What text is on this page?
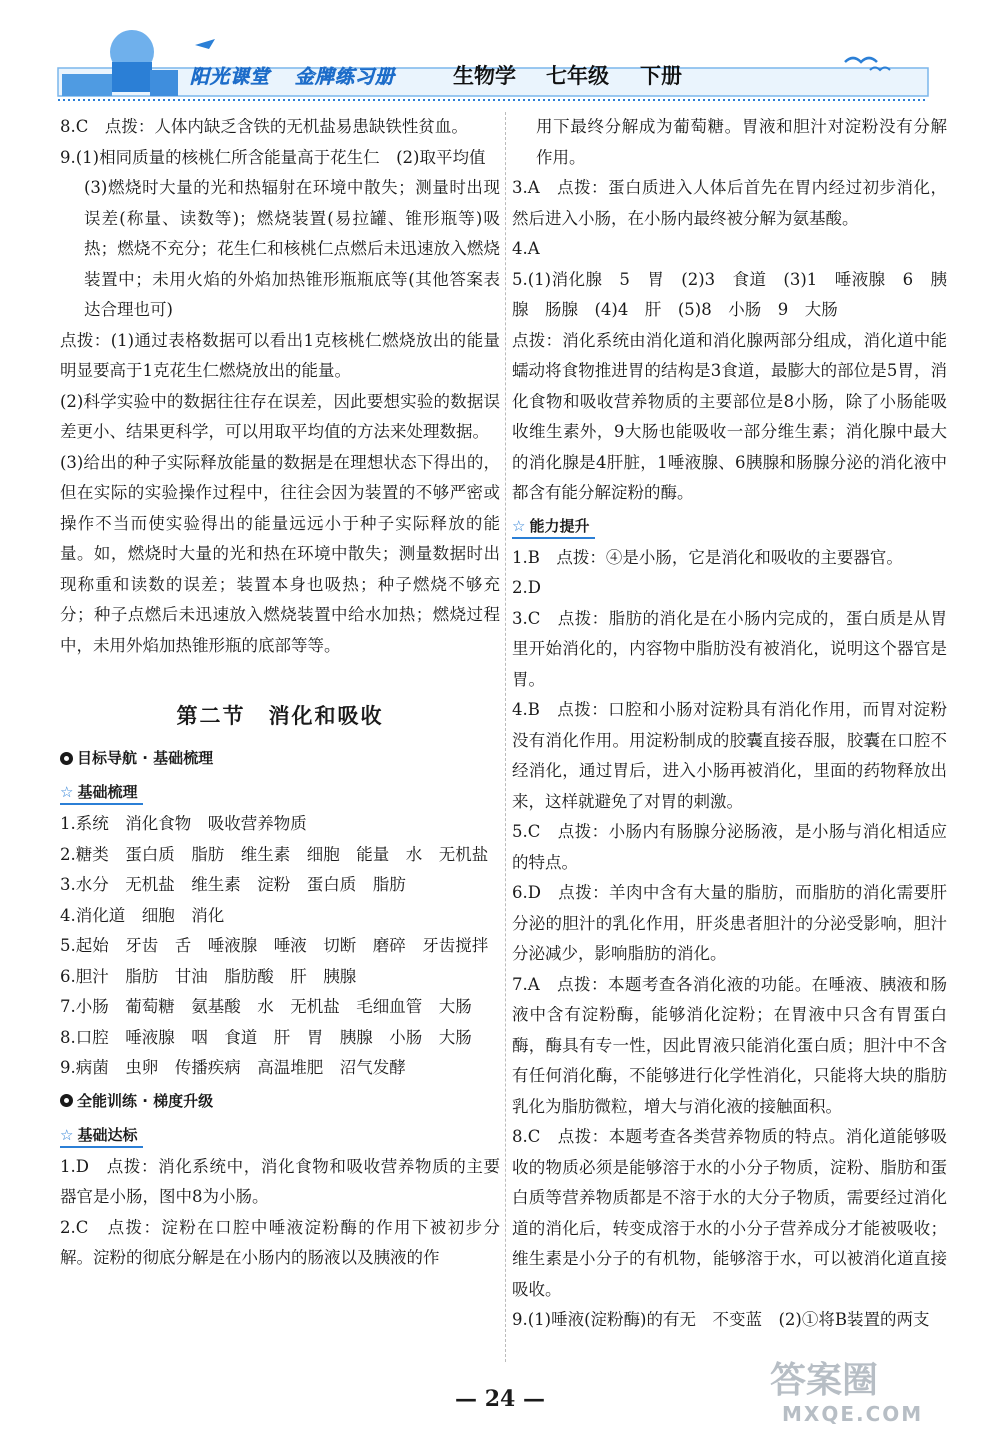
阳光课堂 金牌练习册	生物学 七年级 下册

8.C　点拨：人体内缺乏含铁的无机盐易患缺铁性贫血。

9.(1)相同质量的核桃仁所含能量高于花生仁　(2)取平均值

(3)燃烧时大量的光和热辐射在环境中散失；测量时出现误差(称量、读数等)；燃烧装置(易拉罐、锥形瓶等)吸热；燃烧不充分；花生仁和核桃仁点燃后未迅速放入燃烧装置中；未用火焰的外焰加热锥形瓶瓶底等(其他答案表达合理也可)

点拨：(1)通过表格数据可以看出1克核桃仁燃烧放出的能量明显要高于1克花生仁燃烧放出的能量。

(2)科学实验中的数据往往存在误差，因此要想实验的数据误差更小、结果更科学，可以用取平均值的方法来处理数据。

(3)给出的种子实际释放能量的数据是在理想状态下得出的，但在实际的实验操作过程中，往往会因为装置的不够严密或操作不当而使实验得出的能量远远小于种子实际释放的能量。如，燃烧时大量的光和热在环境中散失；测量数据时出现称重和读数的误差；装置本身也吸热；种子燃烧不够充分；种子点燃后未迅速放入燃烧装置中给水加热；燃烧过程中，未用外焰加热锥形瓶的底部等等。

第二节　消化和吸收
目标导航 · 基础梳理
☆ 基础梳理

1.系统　消化食物　吸收营养物质

2.糖类　蛋白质　脂肪　维生素　细胞　能量　水　无机盐

3.水分　无机盐　维生素　淀粉　蛋白质　脂肪

4.消化道　细胞　消化

5.起始　牙齿　舌　唾液腺　唾液　切断　磨碎　牙齿搅拌

6.胆汁　脂肪　甘油　脂肪酸　肝　胰腺

7.小肠　葡萄糖　氨基酸　水　无机盐　毛细血管　大肠

8.口腔　唾液腺　咽　食道　肝　胃　胰腺　小肠　大肠

9.病菌　虫卵　传播疾病　高温堆肥　沼气发酵

全能训练 · 梯度升级
☆ 基础达标

1.D　点拨：消化系统中，消化食物和吸收营养物质的主要器官是小肠，图中8为小肠。

2.C　点拨：淀粉在口腔中唾液淀粉酶的作用下被初步分解。淀粉的彻底分解是在小肠内的肠液以及胰液的作

用下最终分解成为葡萄糖。胃液和胆汁对淀粉没有分解作用。

3.A　点拨：蛋白质进入人体后首先在胃内经过初步消化，然后进入小肠，在小肠内最终被分解为氨基酸。

4.A

5.(1)消化腺　5　胃　(2)3　食道　(3)1　唾液腺　6　胰腺　肠腺　(4)4　肝　(5)8　小肠　9　大肠

点拨：消化系统由消化道和消化腺两部分组成，消化道中能蠕动将食物推进胃的结构是3食道，最膨大的部位是5胃，消化食物和吸收营养物质的主要部位是8小肠，除了小肠能吸收维生素外，9大肠也能吸收一部分维生素；消化腺中最大的消化腺是4肝脏，1唾液腺、6胰腺和肠腺分泌的消化液中都含有能分解淀粉的酶。

☆ 能力提升

1.B　点拨：④是小肠，它是消化和吸收的主要器官。

2.D

3.C　点拨：脂肪的消化是在小肠内完成的，蛋白质是从胃里开始消化的，内容物中脂肪没有被消化，说明这个器官是胃。

4.B　点拨：口腔和小肠对淀粉具有消化作用，而胃对淀粉没有消化作用。用淀粉制成的胶囊直接吞服，胶囊在口腔不经消化，通过胃后，进入小肠再被消化，里面的药物释放出来，这样就避免了对胃的刺激。

5.C　点拨：小肠内有肠腺分泌肠液，是小肠与消化相适应的特点。

6.D　点拨：羊肉中含有大量的脂肪，而脂肪的消化需要肝分泌的胆汁的乳化作用，肝炎患者胆汁的分泌受影响，胆汁分泌减少，影响脂肪的消化。

7.A　点拨：本题考查各消化液的功能。在唾液、胰液和肠液中含有淀粉酶，能够消化淀粉；在胃液中只含有胃蛋白酶，酶具有专一性，因此胃液只能消化蛋白质；胆汁中不含有任何消化酶，不能够进行化学性消化，只能将大块的脂肪乳化为脂肪微粒，增大与消化液的接触面积。

8.C　点拨：本题考查各类营养物质的特点。消化道能够吸收的物质必须是能够溶于水的小分子物质，淀粉、脂肪和蛋白质等营养物质都是不溶于水的大分子物质，需要经过消化道的消化后，转变成溶于水的小分子营养成分才能被吸收；维生素是小分子的有机物，能够溶于水，可以被消化道直接吸收。

9.(1)唾液(淀粉酶)的有无　不变蓝　(2)①将B装置的两支

— 24 —	答案圈
MXQE.COM
